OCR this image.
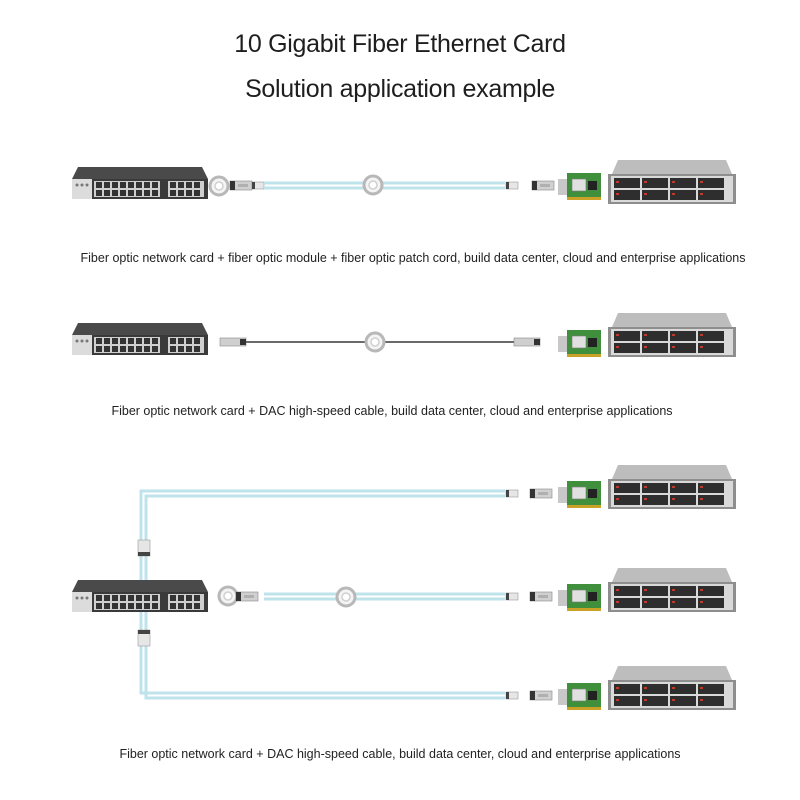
10 Gigabit Fiber Ethernet Card
Solution application example
Fiber optic network card + fiber optic module + fiber optic patch cord, build data center, cloud and enterprise applications
Fiber optic network card + DAC high-speed cable, build data center, cloud and enterprise applications
Fiber optic network card + DAC high-speed cable, build data center, cloud and enterprise applications
